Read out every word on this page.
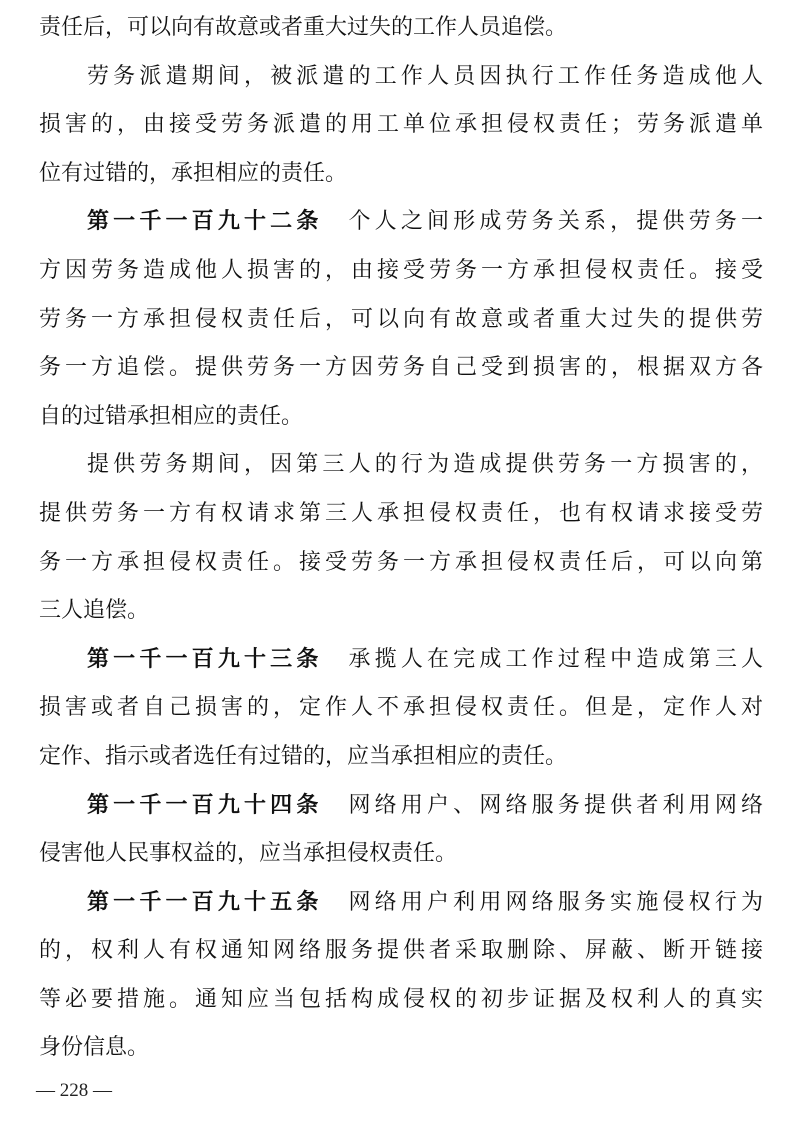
责任后，可以向有故意或者重大过失的工作人员追偿。
劳务派遣期间，被派遣的工作人员因执行工作任务造成他人
损害的，由接受劳务派遣的用工单位承担侵权责任；劳务派遣单
位有过错的，承担相应的责任。
第一千一百九十二条 个人之间形成劳务关系，提供劳务一
方因劳务造成他人损害的，由接受劳务一方承担侵权责任。接受
劳务一方承担侵权责任后，可以向有故意或者重大过失的提供劳
务一方追偿。提供劳务一方因劳务自己受到损害的，根据双方各
自的过错承担相应的责任。
提供劳务期间，因第三人的行为造成提供劳务一方损害的，
提供劳务一方有权请求第三人承担侵权责任，也有权请求接受劳
务一方承担侵权责任。接受劳务一方承担侵权责任后，可以向第
三人追偿。
第一千一百九十三条 承揽人在完成工作过程中造成第三人
损害或者自己损害的，定作人不承担侵权责任。但是，定作人对
定作、指示或者选任有过错的，应当承担相应的责任。
第一千一百九十四条 网络用户、网络服务提供者利用网络
侵害他人民事权益的，应当承担侵权责任。
第一千一百九十五条 网络用户利用网络服务实施侵权行为
的，权利人有权通知网络服务提供者采取删除、屏蔽、断开链接
等必要措施。通知应当包括构成侵权的初步证据及权利人的真实
身份信息。
— 228 —
